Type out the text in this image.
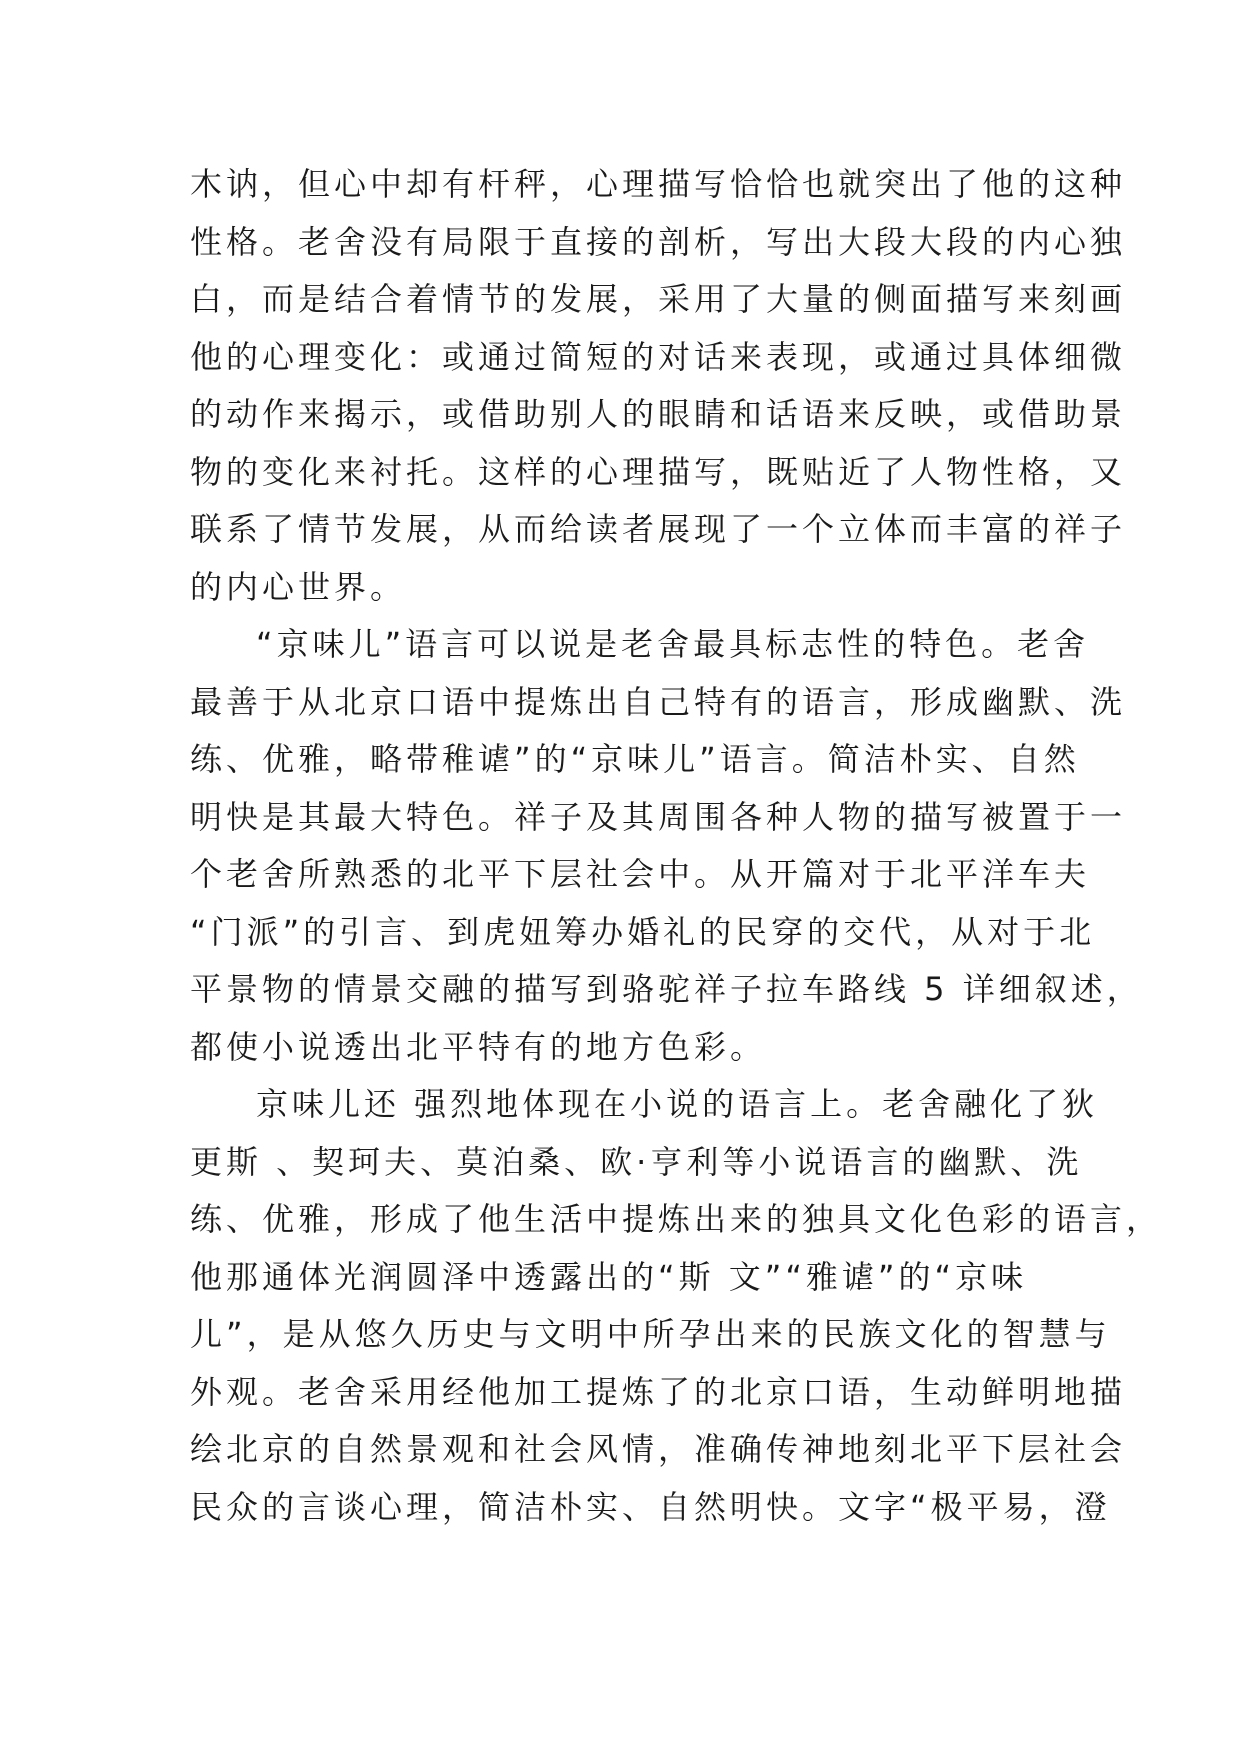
木讷，但心中却有杆秤，心理描写恰恰也就突出了他的这种
性格。老舍没有局限于直接的剖析，写出大段大段的内心独
白，而是结合着情节的发展，采用了大量的侧面描写来刻画
他的心理变化：或通过简短的对话来表现，或通过具体细微
的动作来揭示，或借助别人的眼睛和话语来反映，或借助景
物的变化来衬托。这样的心理描写，既贴近了人物性格，又
联系了情节发展，从而给读者展现了一个立体而丰富的祥子
的内心世界。
“京味儿”语言可以说是老舍最具标志性的特色。老舍
最善于从北京口语中提炼出自己特有的语言，形成幽默、洗
练、优雅，略带稚谑”的“京味儿”语言。简洁朴实、自然
明快是其最大特色。祥子及其周围各种人物的描写被置于一
个老舍所熟悉的北平下层社会中。从开篇对于北平洋车夫
“门派”的引言、到虎妞筹办婚礼的民穿的交代，从对于北
平景物的情景交融的描写到骆驼祥子拉车路线 5 详细叙述，
都使小说透出北平特有的地方色彩。
京味儿还 强烈地体现在小说的语言上。老舍融化了狄
更斯 、契珂夫、莫泊桑、欧·亨利等小说语言的幽默、洗
练、优雅，形成了他生活中提炼出来的独具文化色彩的语言，
他那通体光润圆泽中透露出的“斯 文”“雅谑”的“京味
儿”，是从悠久历史与文明中所孕出来的民族文化的智慧与
外观。老舍采用经他加工提炼了的北京口语，生动鲜明地描
绘北京的自然景观和社会风情，准确传神地刻北平下层社会
民众的言谈心理，简洁朴实、自然明快。文字“极平易，澄
